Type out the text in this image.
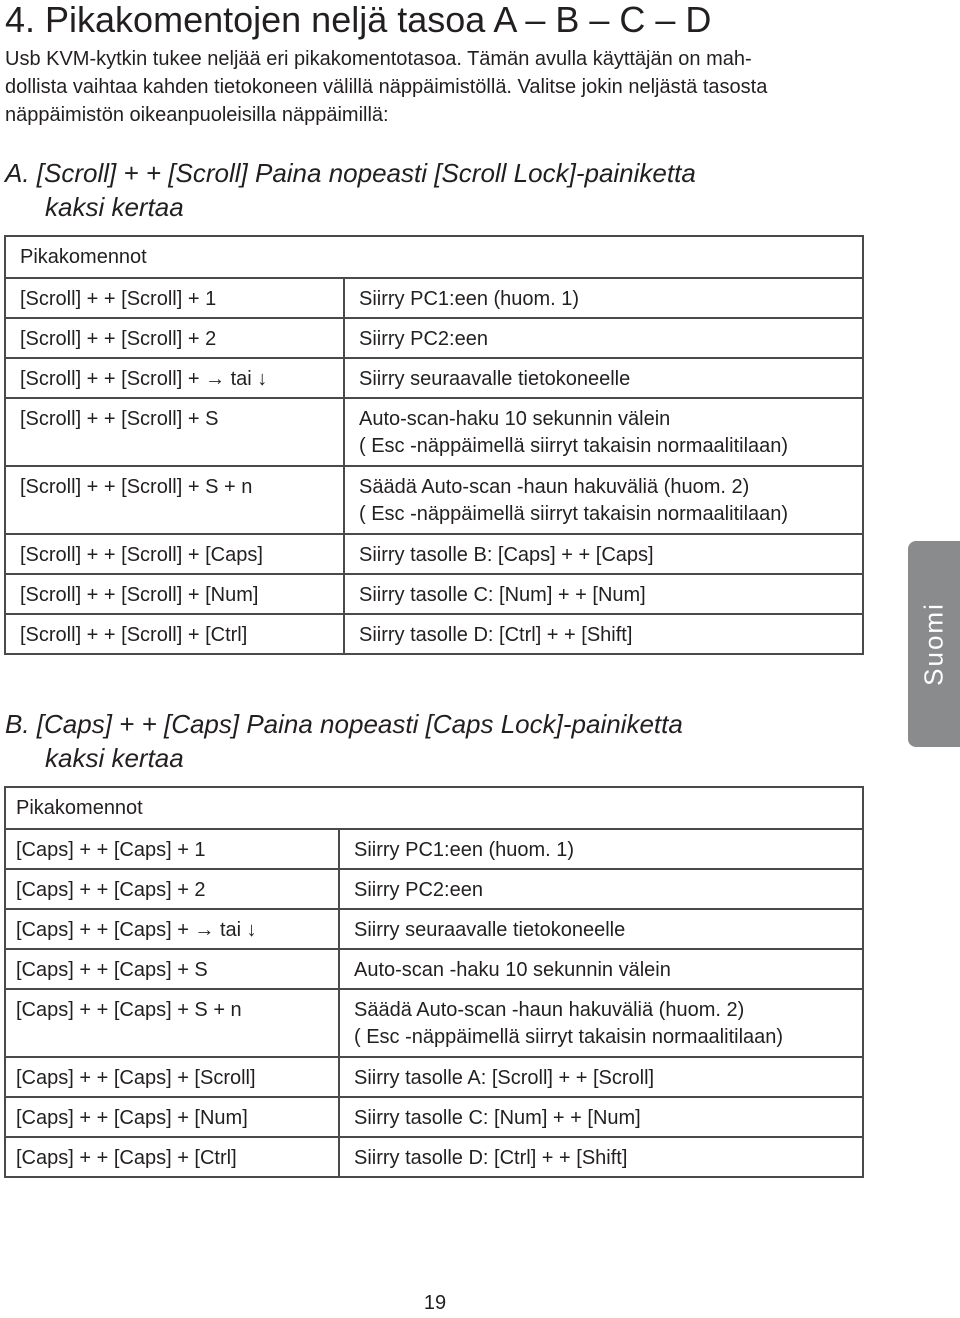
4. Pikakomentojen neljä tasoa A – B – C – D

Usb KVM-kytkin tukee neljää eri pikakomentotasoa. Tämän avulla käyttäjän on mah-
dollista vaihtaa kahden tietokoneen välillä näppäimistöllä. Valitse jokin neljästä tasosta
näppäimistön oikeanpuoleisilla näppäimillä:

A. [Scroll] + + [Scroll] Paina nopeasti [Scroll Lock]-painiketta
kaksi kertaa
Pikakomennot	
[Scroll] + + [Scroll] + 1	Siirry PC1:een (huom. 1)

[Scroll] + + [Scroll] + 2	Siirry PC2:een

[Scroll] + + [Scroll] + → tai ↓	Siirry seuraavalle tietokoneelle

[Scroll] + + [Scroll] + S	Auto-scan-haku 10 sekunnin välein
( Esc -näppäimellä siirryt takaisin normaalitilaan)

[Scroll] + + [Scroll] + S + n	Säädä Auto-scan -haun hakuväliä (huom. 2)
( Esc -näppäimellä siirryt takaisin normaalitilaan)

[Scroll] + + [Scroll] + [Caps]	Siirry tasolle B: [Caps] + + [Caps]

[Scroll] + + [Scroll] + [Num]	Siirry tasolle C: [Num] + + [Num]

[Scroll] + + [Scroll] + [Ctrl]	Siirry tasolle D: [Ctrl] + + [Shift]
B. [Caps] + + [Caps] Paina nopeasti [Caps Lock]-painiketta
kaksi kertaa
Pikakomennot	
[Caps] + + [Caps] + 1	Siirry PC1:een (huom. 1)

[Caps] + + [Caps] + 2	Siirry PC2:een

[Caps] + + [Caps] + → tai ↓	Siirry seuraavalle tietokoneelle

[Caps] + + [Caps] + S	Auto-scan -haku 10 sekunnin välein

[Caps] + + [Caps] + S + n	Säädä Auto-scan -haun hakuväliä (huom. 2)
( Esc -näppäimellä siirryt takaisin normaalitilaan)

[Caps] + + [Caps] + [Scroll]	Siirry tasolle A: [Scroll] + + [Scroll]

[Caps] + + [Caps] + [Num]	Siirry tasolle C: [Num] + + [Num]

[Caps] + + [Caps] + [Ctrl]	Siirry tasolle D: [Ctrl] + + [Shift]
Suomi
19
